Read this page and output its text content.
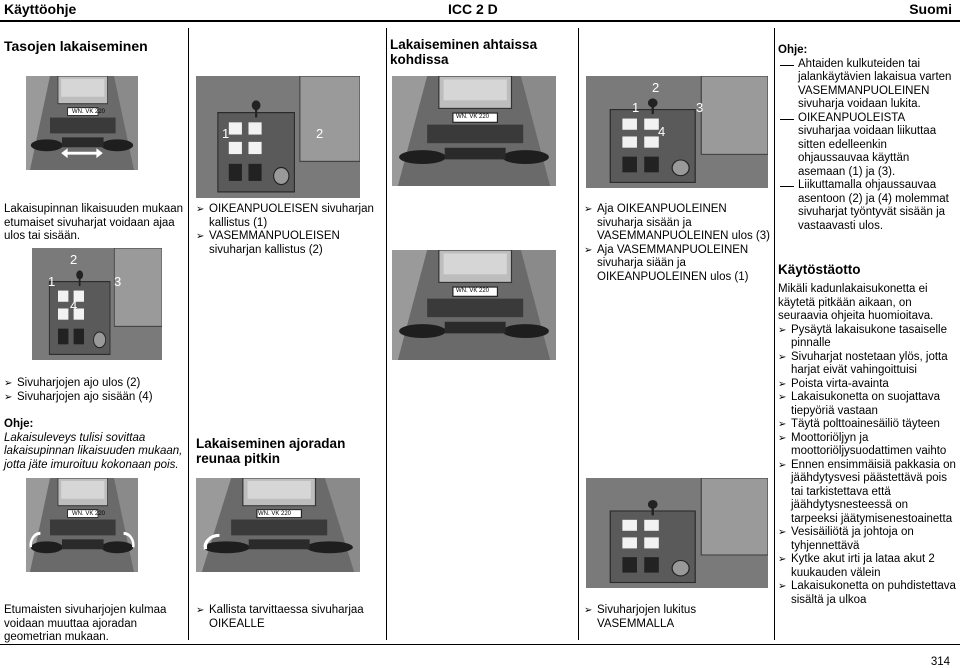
Käyttöohje	ICC 2 D	Suomi
Tasojen lakaiseminen
WN. VK 220

Lakaisupinnan likaisuuden mukaan etumaiset sivuharjat voidaan ajaa ulos tai sisään.

1
2
3
4
➢ Sivuharjojen ajo ulos (2)
➢ Sivuharjojen ajo sisään (4)

Ohje:

Lakaisuleveys tulisi sovittaa lakaisupinnan likaisuuden mukaan, jotta jäte imuroituu kokonaan pois.

WN. VK 220

Etumaisten sivuharjojen kulmaa voidaan muuttaa ajoradan geometrian mukaan.

1	2
➢ OIKEANPUOLEISEN sivuharjan kallistus (1)
➢ VASEMMANPUOLEISEN sivuharjan kallistus (2)
Lakaiseminen ajoradan reunaa pitkin
WN. VK 220
➢ Kallista tarvittaessa sivuharjaa OIKEALLE
Lakaiseminen ahtaissa kohdissa
WN. VK 220
WN. VK 220
1
2
3
4
➢ Aja OIKEANPUOLEINEN sivuharja sisään ja VASEMMANPUOLEINEN ulos (3)
➢ Aja VASEMMANPUOLEINEN sivuharja siään ja OIKEANPUOLEINEN ulos (1)
➢ Sivuharjojen lukitus VASEMMALLA

Ohje:

Ahtaiden kulkuteiden tai jalankäytävien lakaisua varten VASEMMANPUOLEINEN sivuharja voidaan lukita.
OIKEANPUOLEISTA sivuharjaa voidaan liikuttaa sitten edelleenkin ohjaussauvaa käyttän asemaan (1) ja (3).
Liikuttamalla ohjaussauvaa asentoon (2) ja (4) molemmat sivuharjat työntyvät sisään ja vastaavasti ulos.
Käytöstäotto

Mikäli kadunlakaisukonetta ei käytetä pitkään aikaan, on seuraavia ohjeita huomioitava.

➢ Pysäytä lakaisukone tasaiselle pinnalle
➢ Sivuharjat nostetaan ylös, jotta harjat eivät vahingoittuisi
➢ Poista virta-avainta
➢ Lakaisukonetta on suojattava tiepyöriä vastaan
➢ Täytä polttoainesäiliö täyteen
➢ Moottoriöljyn ja moottoriöljysuodattimen vaihto
➢ Ennen ensimmäisiä pakkasia on jäähdytysvesi päästettävä pois tai tarkistettava että jäähdytysnesteessä on tarpeeksi jäätymisenestoainetta
➢ Vesisäiliötä ja johtoja on tyhjennettävä
➢ Kytke akut irti ja lataa akut 2 kuukauden välein
➢ Lakaisukonetta on puhdistettava sisältä ja ulkoa
314
